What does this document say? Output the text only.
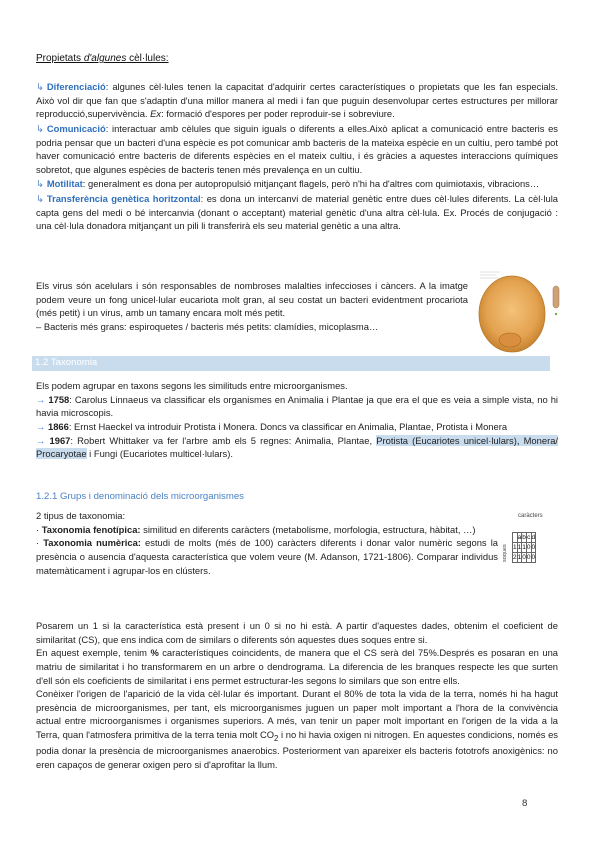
Propietats d'algunes cèl·lules:

↳ Diferenciació: algunes cèl·lules tenen la capacitat d'adquirir certes característiques o propietats que les fan especials. Això vol dir que fan que s'adaptin d'una millor manera al medi i fan que puguin desenvolupar certes estructures per millorar reproducció,supervivència. Ex: formació d'espores per poder reproduir-se i sobreviure.

↳ Comunicació: interactuar amb cèlules que siguin iguals o diferents a elles.Això aplicat a comunicació entre bacteris es podria pensar que un bacteri d'una espècie es pot comunicar amb bacteris de la mateixa espècie en un cultiu, pero també pot haver comunicació entre bacteris de diferents espècies en el mateix cultiu, i és gràcies a aquestes interaccions químiques sobretot, que algunes espècies de bacteris tenen més prevalença en un cultiu.

↳ Motilitat: generalment es dona per autopropulsió mitjançant flagels, però n'hi ha d'altres com quimiotaxis, vibracions…

↳ Transferència genètica horitzontal: es dona un intercanvi de material genètic entre dues cèl·lules diferents. La cèl·lula capta gens del medi o bé intercanvia (donant o acceptant) material genètic d'una altra cèl·lula. Ex. Procés de conjugació : una cèl·lula donadora mitjançant un pili li transferirà els seu material genètic a una altra.

Els virus són acelulars i són responsables de nombroses malalties infeccioses i càncers. A la imatge podem veure un fong unicel·lular eucariota molt gran, al seu costat un bacteri evidentment procariota (més petit) i un virus, amb un tamany encara molt més petit.
– Bacteris més grans: espiroquetes / bacteris més petits: clamídies, micoplasma…
1.2 Taxonomia

Els podem agrupar en taxons segons les similituds entre microorganismes.

→ 1758: Carolus Linnaeus va classificar els organismes en Animalia i Plantae ja que era el que es veia a simple vista, no hi havia microscopis.

→ 1866: Ernst Haeckel va introduir Protista i Monera. Doncs va classificar en Animalia, Plantae, Protista i Monera

→ 1967: Robert Whittaker va fer l'arbre amb els 5 regnes: Animalia, Plantae, Protista (Eucariotes unicel·lulars), Monera/ Procaryotae i Fungi (Eucariotes multicel·lulars).

1.2.1 Grups i denominació dels microorganismes

2 tipus de taxonomia:

· Taxonomia fenotípica: similitud en diferents caràcters (metabolisme, morfologia, estructura, hàbitat, …)

· Taxonomia numèrica: estudi de molts (més de 100) caràcters diferents i donar valor numèric segons la presència o ausencia d'aquesta característica que volem veure (M. Adanson, 1721-1806). Comparar individus matemàticament i agrupar-los en clústers.

caràcters
soques
	a	b	c	d
1	1	1	0	0
2	1	0	0	0

Posarem un 1 si la característica està present i un 0 si no hi està. A partir d'aquestes dades, obtenim el coeficient de similaritat (CS), que ens indica com de similars o diferents són aquestes dues soques entre si.

En aquest exemple, tenim % característiques coincidents, de manera que el CS serà del 75%.Després es posaran en una matriu de similaritat i ho transformarem en un arbre o dendrograma. La diferencia de les branques respecte les que surten d'ell són els coeficients de similaritat i ens permet estructurar-les segons lo similars que son entre ells.

Conèixer l'origen de l'aparició de la vida cèl·lular és important. Durant el 80% de tota la vida de la terra, només hi ha hagut presència de microorganismes, per tant, els microorganismes juguen un paper molt important a l'hora de la convivència actual entre microorganismes i organismes superiors. A més, van tenir un paper molt important en l'origen de la vida a la Terra, quan l'atmosfera primitiva de la terra tenia molt $CO_2$ i no hi havia oxigen ni nitrogen. En aquestes condicions, només es podia donar la presència de microorganismes anaerobics. Posteriorment van apareixer els bacteris fototrofs anoxigènics: no eren capaços de generar oxigen pero si d'aprofitar la llum.

8
